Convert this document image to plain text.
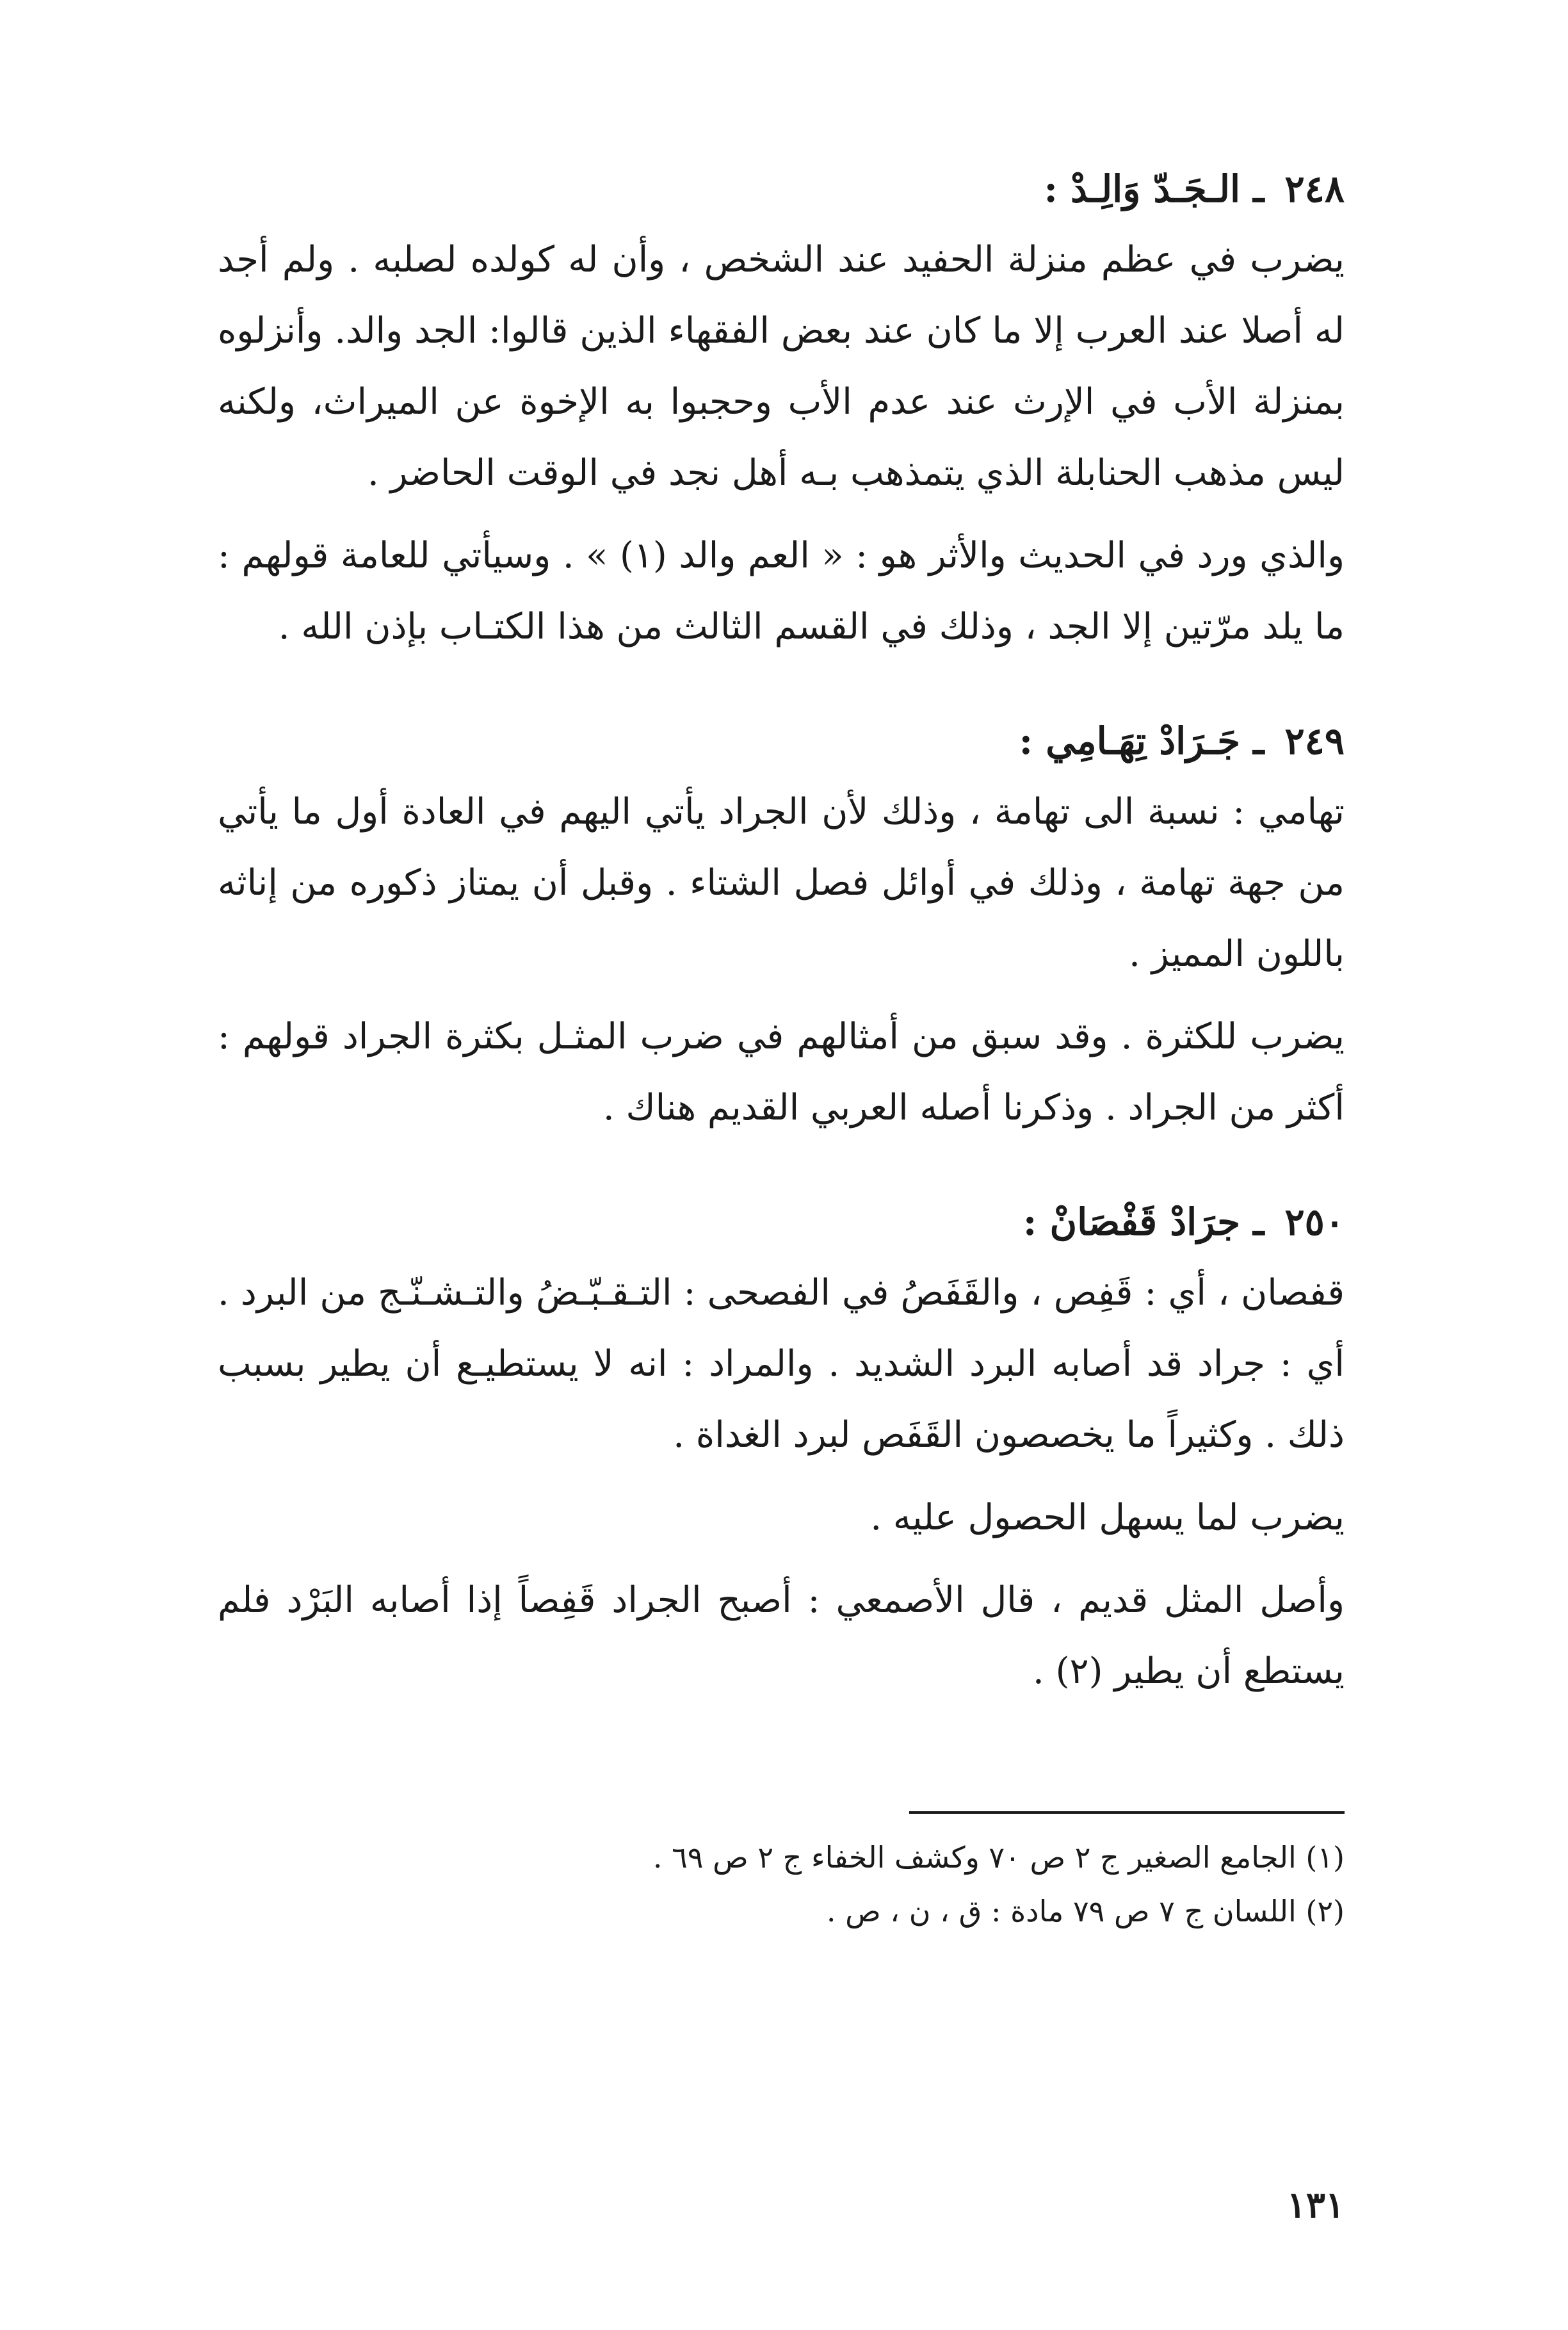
٢٤٨ ـ الـجَـدّ وَالِـدْ :

يضرب في عظم منزلة الحفيد عند الشخص ، وأن له كولده لصلبه . ولم أجد له أصلا عند العرب إلا ما كان عند بعض الفقهاء الذين قالوا: الجد والد. وأنزلوه بمنزلة الأب في الإرث عند عدم الأب وحجبوا به الإخوة عن الميراث، ولكنه ليس مذهب الحنابلة الذي يتمذهب بـه أهل نجد في الوقت الحاضر .

والذي ورد في الحديث والأثر هو : « العم والد (١) » . وسيأتي للعامة قولهم : ما يلد مرّتين إلا الجد ، وذلك في القسم الثالث من هذا الكتـاب بإذن الله .

٢٤٩ ـ جَـرَادْ تِهَـامِي :

تهامي : نسبة الى تهامة ، وذلك لأن الجراد يأتي اليهم في العادة أول ما يأتي من جهة تهامة ، وذلك في أوائل فصل الشتاء . وقبل أن يمتاز ذكوره من إناثه باللون المميز .

يضرب للكثرة . وقد سبق من أمثالهم في ضرب المثـل بكثرة الجراد قولهم : أكثر من الجراد . وذكرنا أصله العربي القديم هناك .

٢٥٠ ـ جرَادْ قَفْصَانْ :

قفصان ، أي : قَفِص ، والقَفَصُ في الفصحى : التـقـبّـضُ والتـشـنّـج من البرد . أي : جراد قد أصابه البرد الشديد . والمراد : انه لا يستطيـع أن يطير بسبب ذلك . وكثيراً ما يخصصون القَفَص لبرد الغداة .

يضرب لما يسهل الحصول عليه .

وأصل المثل قديم ، قال الأصمعي : أصبح الجراد قَفِصاً إذا أصابه البَرْد فلم يستطع أن يطير (٢) .

(١) الجامع الصغير ج ٢ ص ٧٠ وكشف الخفاء ج ٢ ص ٦٩ .
(٢) اللسان ج ٧ ص ٧٩ مادة : ق ، ن ، ص .
١٣١
